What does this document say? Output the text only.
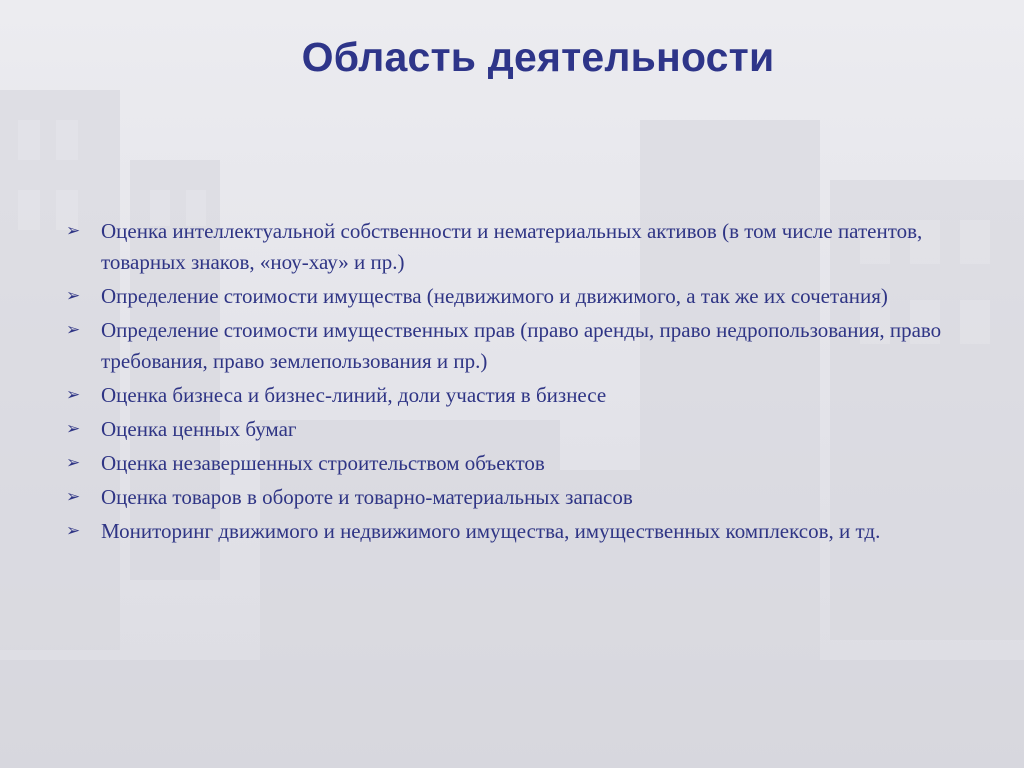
Область деятельности
➢ Оценка интеллектуальной собственности и нематериальных активов (в том числе патентов, товарных знаков, «ноу-хау» и пр.)
➢ Определение стоимости имущества (недвижимого и движимого, а так же их сочетания)
➢ Определение стоимости имущественных прав (право аренды, право недропользования, право требования, право землепользования и пр.)
➢ Оценка бизнеса и бизнес-линий, доли участия в бизнесе
➢ Оценка ценных бумаг
➢ Оценка незавершенных строительством объектов
➢ Оценка товаров в обороте и товарно-материальных запасов
➢ Мониторинг движимого и недвижимого имущества, имущественных комплексов, и тд.
